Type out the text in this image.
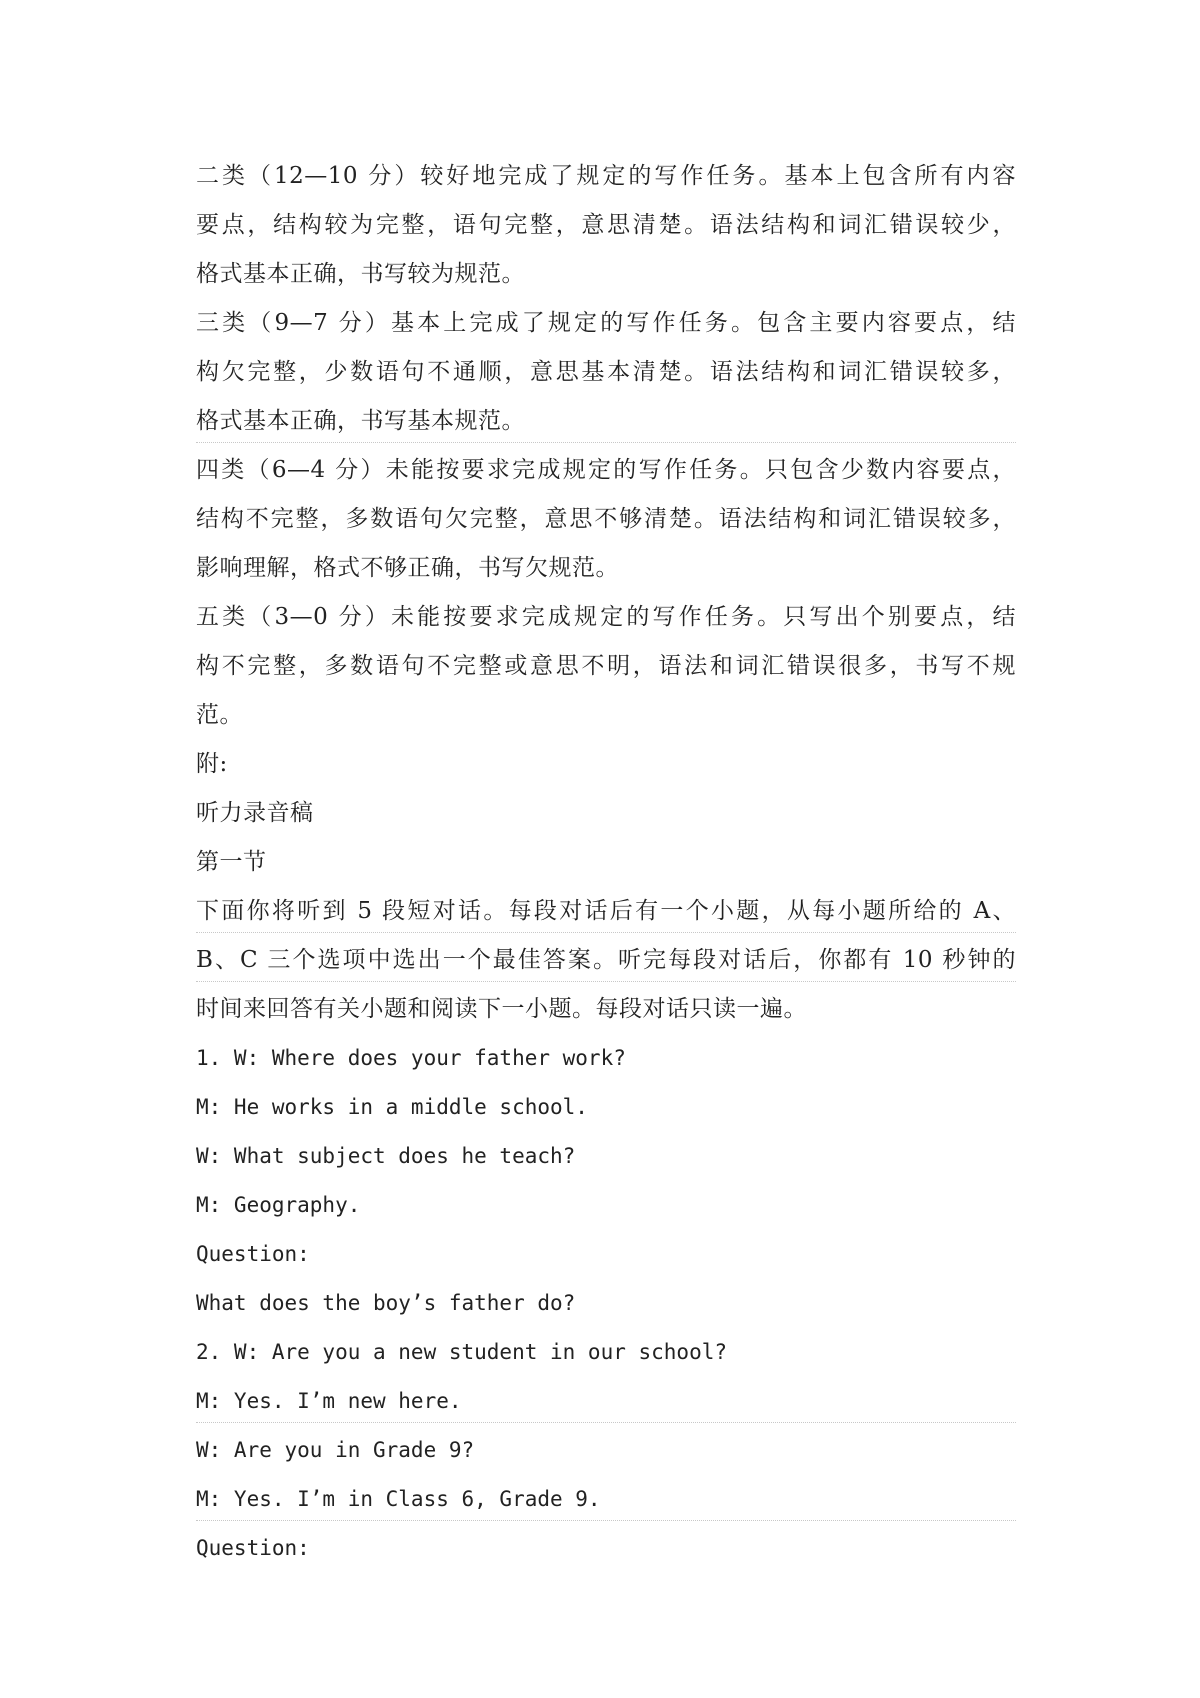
二类（12—10 分）较好地完成了规定的写作任务。基本上包含所有内容
要点，结构较为完整，语句完整，意思清楚。语法结构和词汇错误较少，
格式基本正确，书写较为规范。
三类（9—7 分）基本上完成了规定的写作任务。包含主要内容要点，结
构欠完整，少数语句不通顺，意思基本清楚。语法结构和词汇错误较多，
格式基本正确，书写基本规范。
四类（6—4 分）未能按要求完成规定的写作任务。只包含少数内容要点，
结构不完整，多数语句欠完整，意思不够清楚。语法结构和词汇错误较多，
影响理解，格式不够正确，书写欠规范。
五类（3—0 分）未能按要求完成规定的写作任务。只写出个别要点，结
构不完整，多数语句不完整或意思不明，语法和词汇错误很多，书写不规
范。
附:
听力录音稿
第一节
下面你将听到 5 段短对话。每段对话后有一个小题，从每小题所给的 A、
B、C 三个选项中选出一个最佳答案。听完每段对话后，你都有 10 秒钟的
时间来回答有关小题和阅读下一小题。每段对话只读一遍。
1. W: Where does your father work?
M: He works in a middle school.
W: What subject does he teach?
M: Geography.
Question:
What does the boy’s father do?
2. W: Are you a new student in our school?
M: Yes. I’m new here.
W: Are you in Grade 9?
M: Yes. I’m in Class 6, Grade 9.
Question:
